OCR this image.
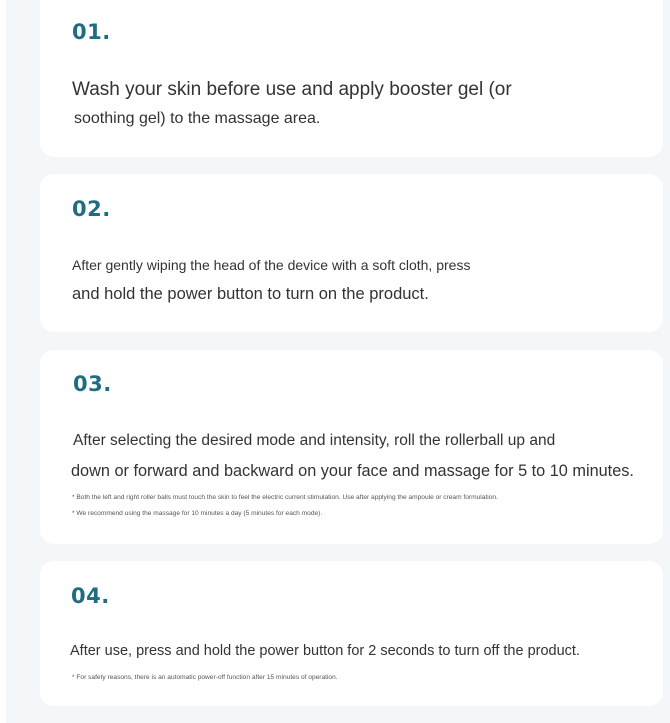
01.
Wash your skin before use and apply booster gel (or
soothing gel) to the massage area.
02.
After gently wiping the head of the device with a soft cloth, press
and hold the power button to turn on the product.
03.
After selecting the desired mode and intensity, roll the rollerball up and
down or forward and backward on your face and massage for 5 to 10 minutes.
* Both the left and right roller balls must touch the skin to feel the electric current stimulation. Use after applying the ampoule or cream formulation.
* We recommend using the massage for 10 minutes a day (5 minutes for each mode).
04.
After use, press and hold the power button for 2 seconds to turn off the product.
* For safety reasons, there is an automatic power-off function after 15 minutes of operation.
